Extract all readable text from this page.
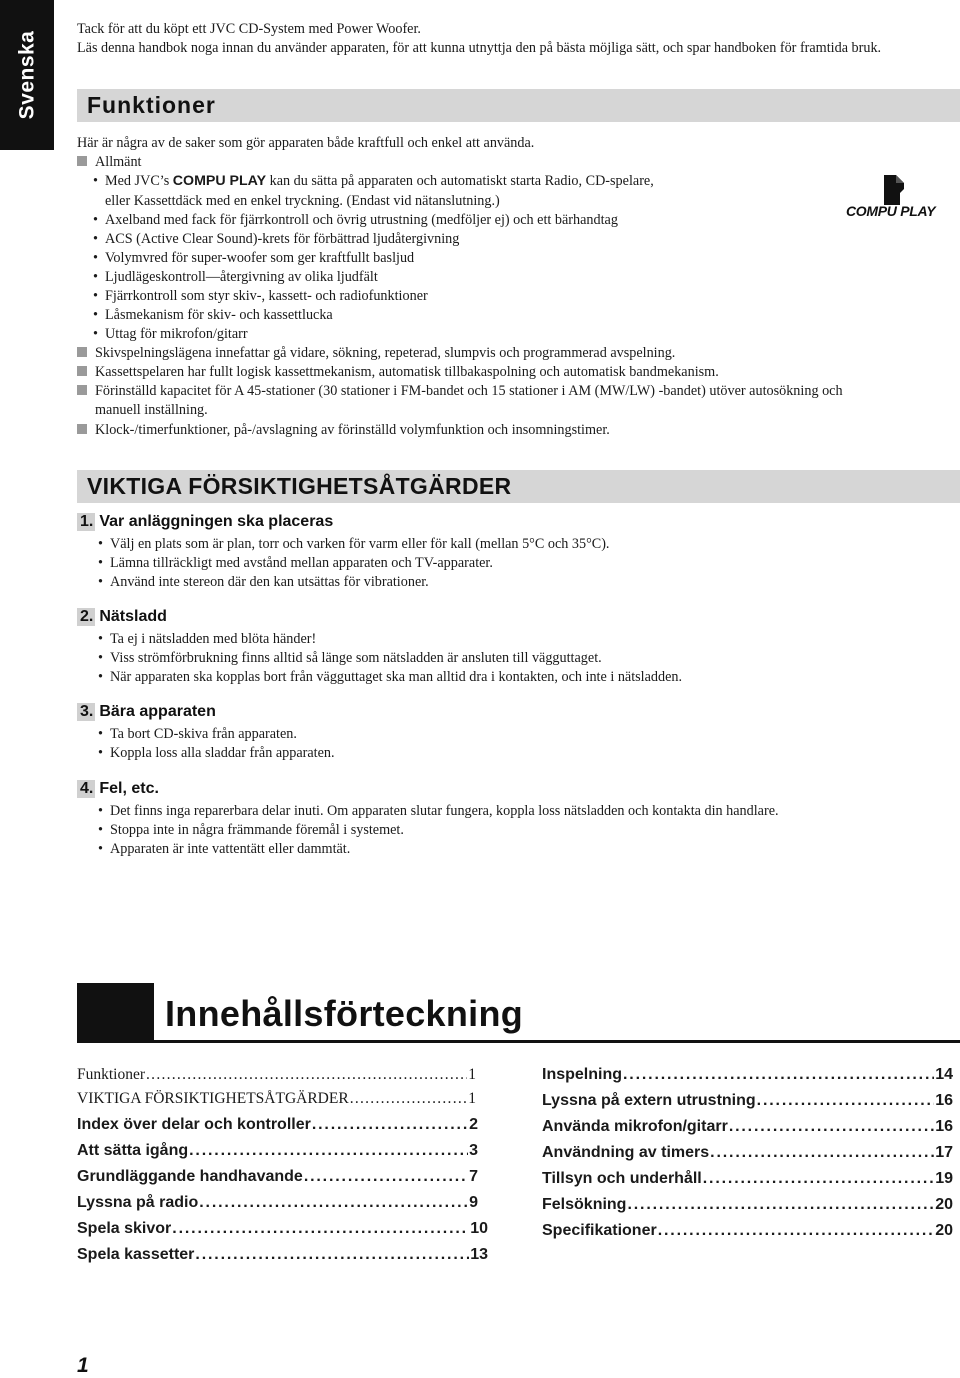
Svenska
Tack för att du köpt ett JVC CD-System med Power Woofer.
Läs denna handbok noga innan du använder apparaten, för att kunna utnyttja den på bästa möjliga sätt, och spar handboken för framtida bruk.
Funktioner
Här är några av de saker som gör apparaten både kraftfull och enkel att använda.
Allmänt
• Med JVC’s COMPU PLAY kan du sätta på apparaten och automatiskt starta Radio, CD-spelare,
eller Kassettdäck med en enkel tryckning. (Endast vid nätanslutning.)
• Axelband med fack för fjärrkontroll och övrig utrustning (medföljer ej) och ett bärhandtag
• ACS (Active Clear Sound)-krets för förbättrad ljudåtergivning
• Volymvred för super-woofer som ger kraftfullt basljud
• Ljudlägeskontroll—återgivning av olika ljudfält
• Fjärrkontroll som styr skiv-, kassett- och radiofunktioner
• Låsmekanism för skiv- och kassettlucka
• Uttag för mikrofon/gitarr
Skivspelningslägena innefattar gå vidare, sökning, repeterad, slumpvis och programmerad avspelning.
Kassettspelaren har fullt logisk kassettmekanism, automatisk tillbakaspolning och automatisk bandmekanism.
Förinställd kapacitet för A 45-stationer (30 stationer i FM-bandet och 15 stationer i AM (MW/LW) -bandet) utöver autosökning och
manuell inställning.
Klock-/timerfunktioner, på-/avslagning av förinställd volymfunktion och insomningstimer.
COMPU PLAY
VIKTIGA FÖRSIKTIGHETSÅTGÄRDER
1. Var anläggningen ska placeras
• Välj en plats som är plan, torr och varken för varm eller för kall (mellan 5°C och 35°C).
• Lämna tillräckligt med avstånd mellan apparaten och TV-apparater.
• Använd inte stereon där den kan utsättas för vibrationer.
2. Nätsladd
• Ta ej i nätsladden med blöta händer!
• Viss strömförbrukning finns alltid så länge som nätsladden är ansluten till vägguttaget.
• När apparaten ska kopplas bort från vägguttaget ska man alltid dra i kontakten, och inte i nätsladden.
3. Bära apparaten
• Ta bort CD-skiva från apparaten.
• Koppla loss alla sladdar från apparaten.
4. Fel, etc.
• Det finns inga reparerbara delar inuti. Om apparaten slutar fungera, koppla loss nätsladden och kontakta din handlare.
• Stoppa inte in några främmande föremål i systemet.
• Apparaten är inte vattentätt eller dammtät.
Innehållsförteckning
Funktioner . . .	1
VIKTIGA FÖRSIKTIGHETSÅTGÄRDER . . .	1
Index över delar och kontroller . . .	2
Att sätta igång . . .	3
Grundläggande handhavande . . .	7
Lyssna på radio . . .	9
Spela skivor . . .	10
Spela kassetter . . .	13
Inspelning . . .	14
Lyssna på extern utrustning . . .	16
Använda mikrofon/gitarr . . .	16
Användning av timers . . .	17
Tillsyn och underhåll . . .	19
Felsökning . . .	20
Specifikationer . . .	20
1
